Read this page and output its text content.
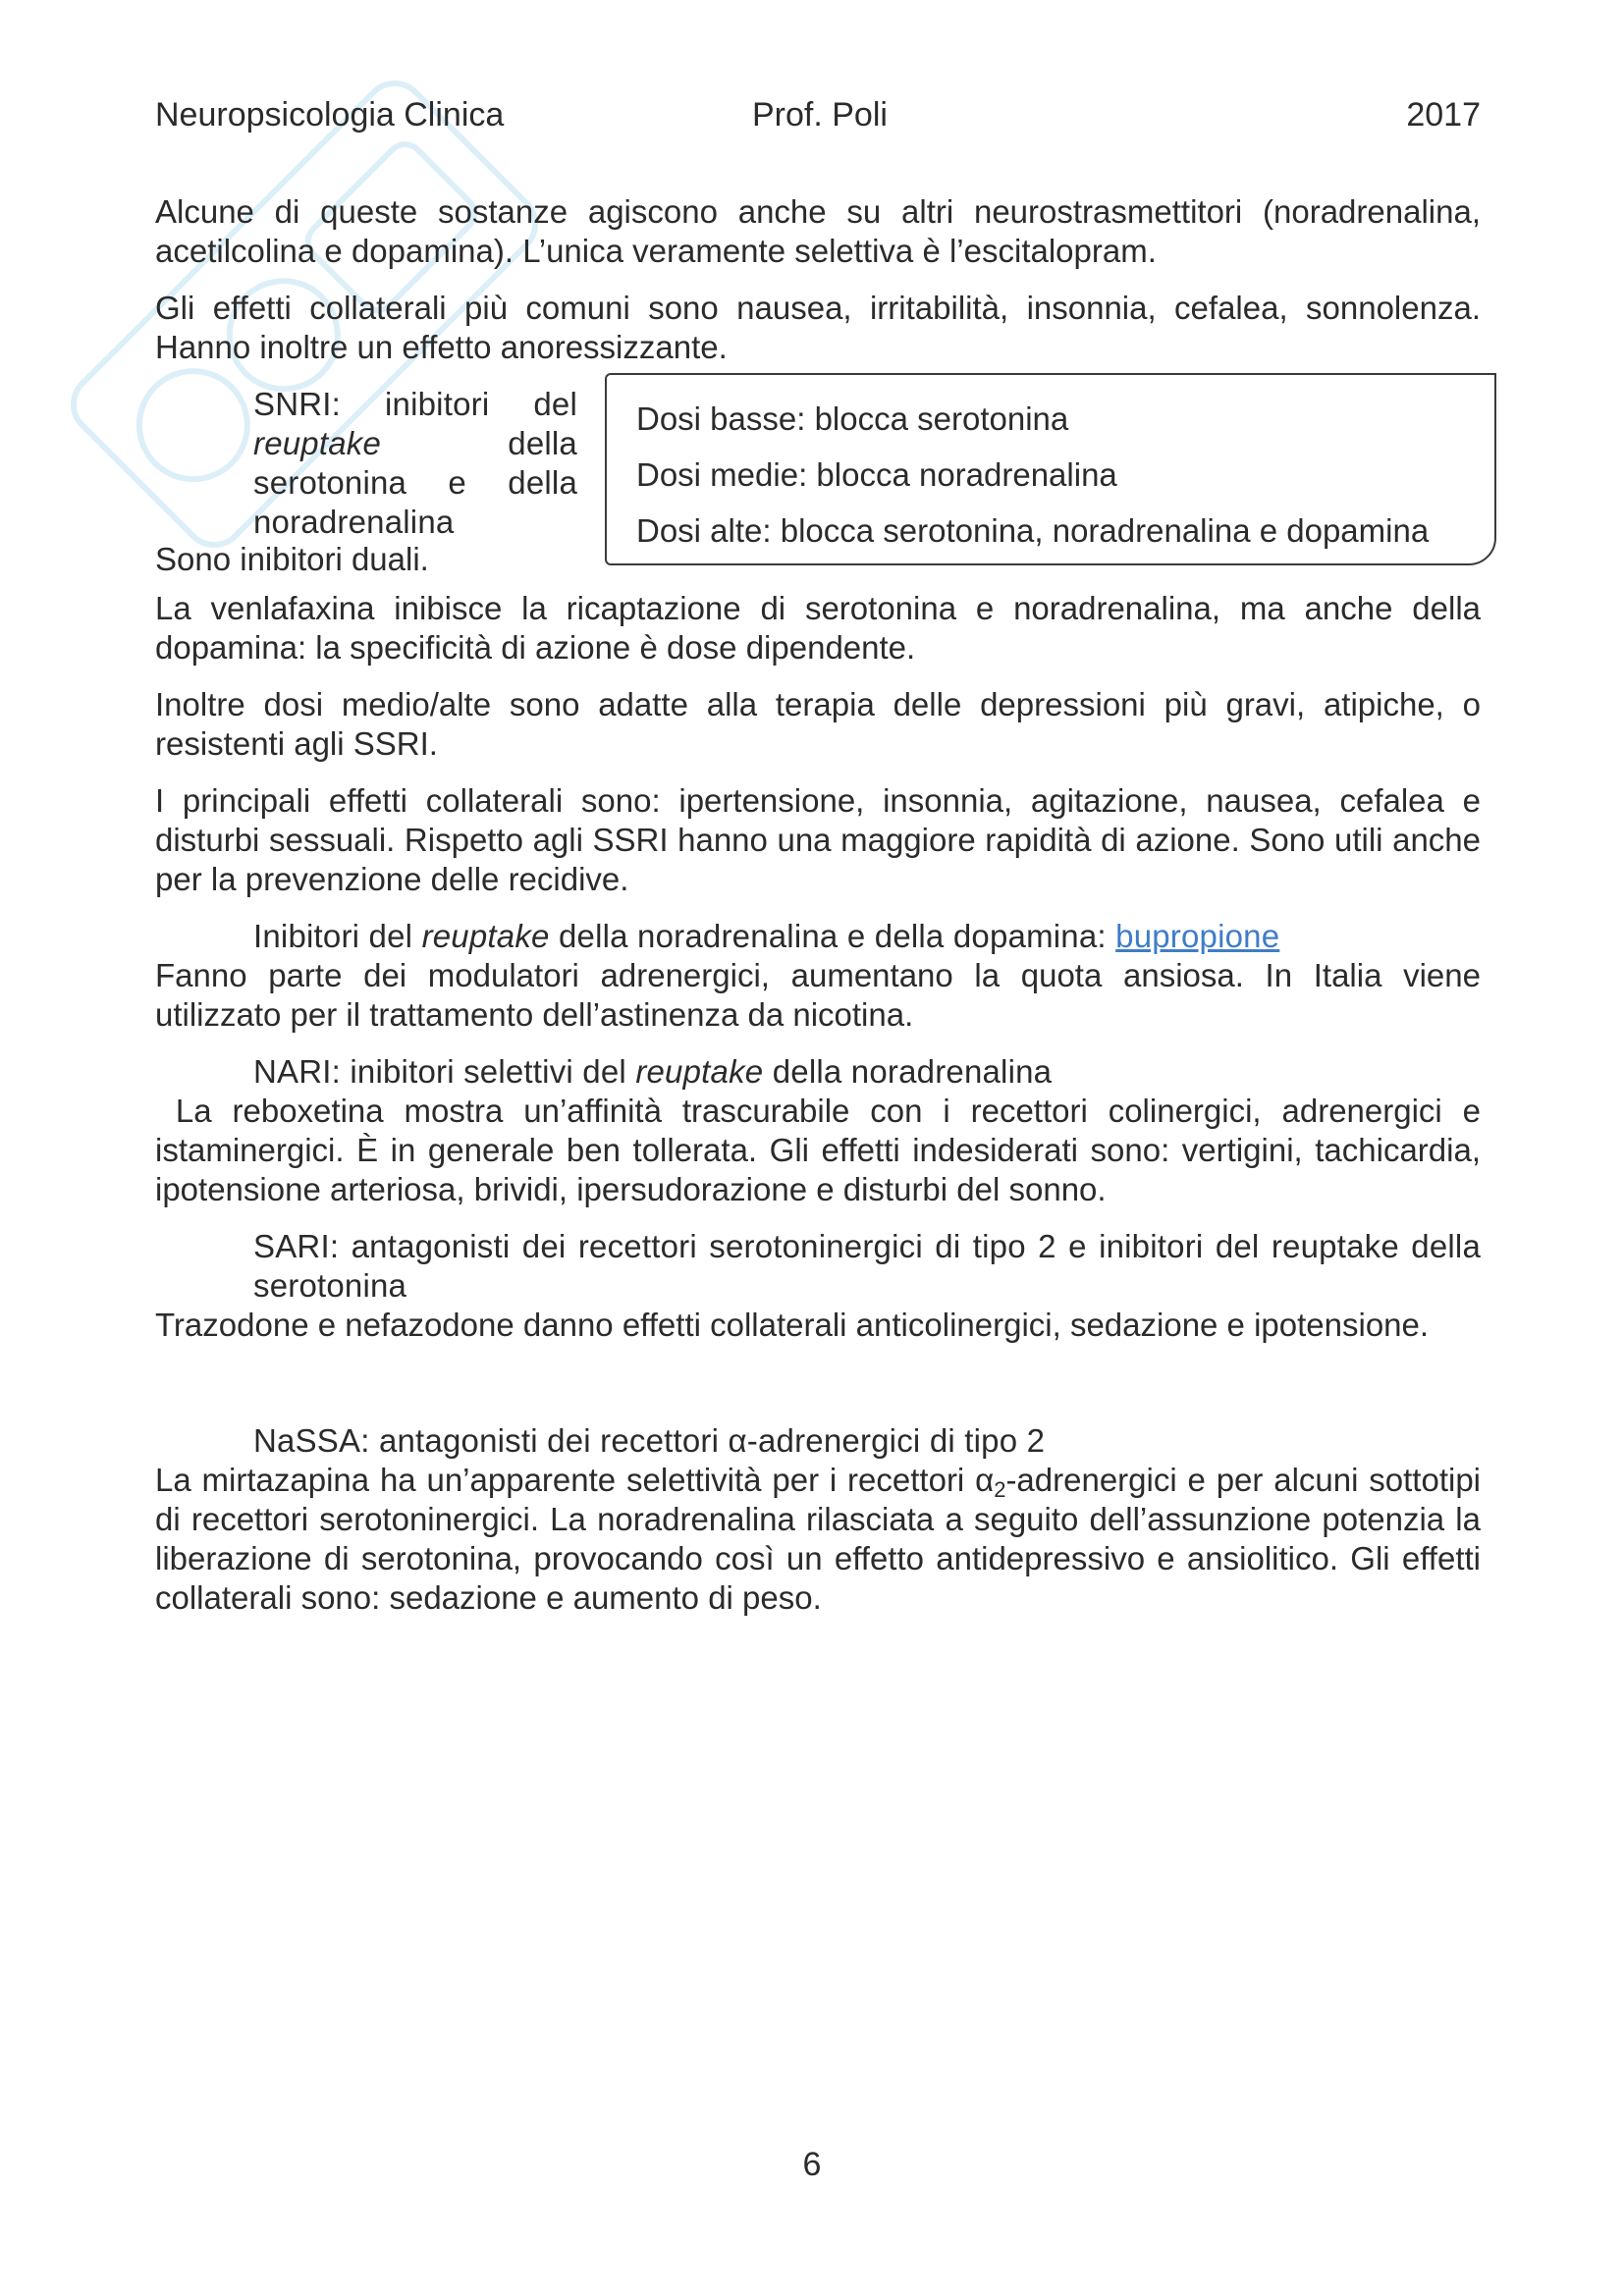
Neuropsicologia Clinica	Prof. Poli	2017

Alcune di queste sostanze agiscono anche su altri neurostrasmettitori (noradrenalina, acetilcolina e dopamina). L’unica veramente selettiva è l’escitalopram.

Gli effetti collaterali più comuni sono nausea, irritabilità, insonnia, cefalea, sonnolenza. Hanno inoltre un effetto anoressizzante.

SNRI: inibitori del
reuptake	della
serotonina e della
noradrenalina
Sono inibitori duali.
Dosi basse: blocca serotonina
Dosi medie: blocca noradrenalina
Dosi alte: blocca serotonina, noradrenalina e dopamina

La venlafaxina inibisce la ricaptazione di serotonina e noradrenalina, ma anche della dopamina: la specificità di azione è dose dipendente.

Inoltre dosi medio/alte sono adatte alla terapia delle depressioni più gravi, atipiche, o resistenti agli SSRI.

I principali effetti collaterali sono: ipertensione, insonnia, agitazione, nausea, cefalea e disturbi sessuali. Rispetto agli SSRI hanno una maggiore rapidità di azione. Sono utili anche per la prevenzione delle recidive.

Inibitori del reuptake della noradrenalina e della dopamina: bupropione

Fanno parte dei modulatori adrenergici, aumentano la quota ansiosa. In Italia viene utilizzato per il trattamento dell’astinenza da nicotina.

NARI: inibitori selettivi del reuptake della noradrenalina

La reboxetina mostra un’affinità trascurabile con i recettori colinergici, adrenergici e istaminergici. È in generale ben tollerata. Gli effetti indesiderati sono: vertigini, tachicardia, ipotensione arteriosa, brividi, ipersudorazione e disturbi del sonno.

SARI: antagonisti dei recettori serotoninergici di tipo 2 e inibitori del reuptake della serotonina

Trazodone e nefazodone danno effetti collaterali anticolinergici, sedazione e ipotensione.

NaSSA: antagonisti dei recettori α-adrenergici di tipo 2

La mirtazapina ha un’apparente selettività per i recettori $\alpha_2$-adrenergici e per alcuni sottotipi di recettori serotoninergici. La noradrenalina rilasciata a seguito dell’assunzione potenzia la liberazione di serotonina, provocando così un effetto antidepressivo e ansiolitico. Gli effetti collaterali sono: sedazione e aumento di peso.

6
